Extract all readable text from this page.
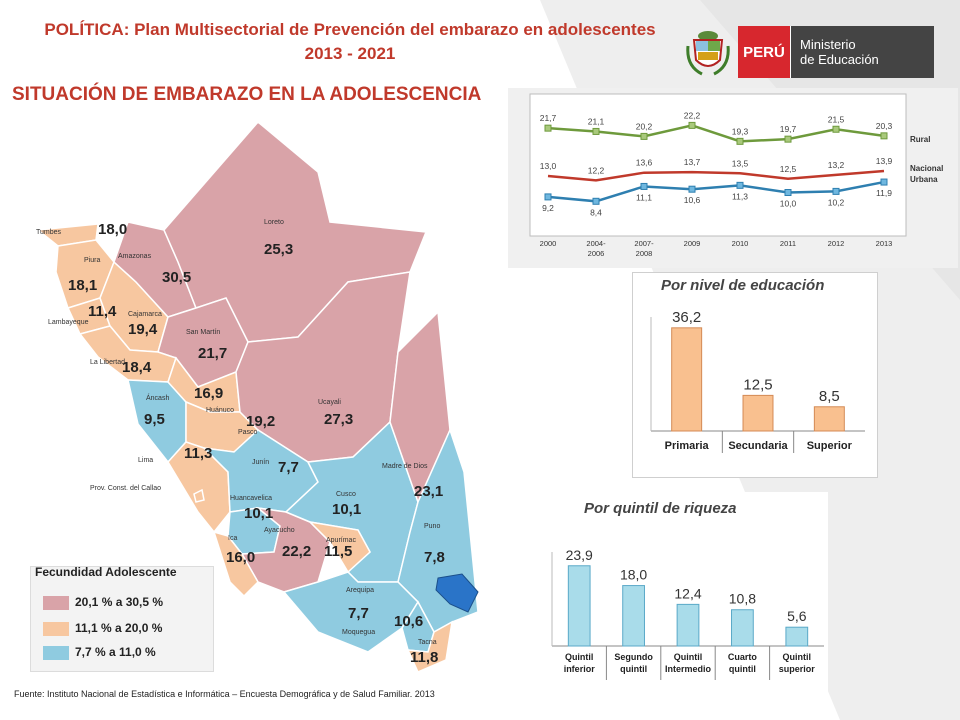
POLÍTICA: Plan Multisectorial de Prevención del embarazo en adolescentes
2013 - 2021	PERÚ	Ministerio
de Educación
Tumbes 18,0
Piura
18,1
Lambayeque
11,4 Cajamarca
19,4
Amazonas
30,5
Loreto
25,3
San Martín
21,7
La Libertad
18,4
Áncash
9,5
Huánuco
16,9
Pasco
19,2
Ucayali
27,3
Lima 11,3
Prov. Const. del Callao
Junín 7,7
Huancavelica
10,1
Ayacucho
22,2
Ica
16,0
Cusco
10,1
Madre de Dios
23,1
Apurímac
11,5
Puno
7,8
Arequipa
7,7
Moquegua
10,6
Tacna
11,8
SITUACIÓN DE EMBARAZO EN LA ADOLESCENCIA
Fecundidad Adolescente
20,1 % a 30,5 %
11,1 % a 20,0 %
7,7 % a 11,0 %
21,7	21,1	20,2
22,2
19,3	19,7
21,5
20,3
Rural
13,0	12,2
13,6	13,7	13,5
12,5	13,2	13,9
Nacional
9,2	8,4
11,1	10,6	11,3
10,0	10,2
11,9
Urbana
2000	2004-
2006
2007-
2008
2009	2010	2011	2012	2013
Por nivel de educación
36,2
Primaria
12,5
Secundaria
8,5
Superior
Por quintil de riqueza
23,9
Quintil
inferior
18,0
Segundo
quintil
12,4
Quintil
Intermedio
10,8
Cuarto
quintil
5,6
Quintil
superior
Fuente: Instituto Nacional de Estadística e Informática – Encuesta Demográfica y de Salud Familiar. 2013
